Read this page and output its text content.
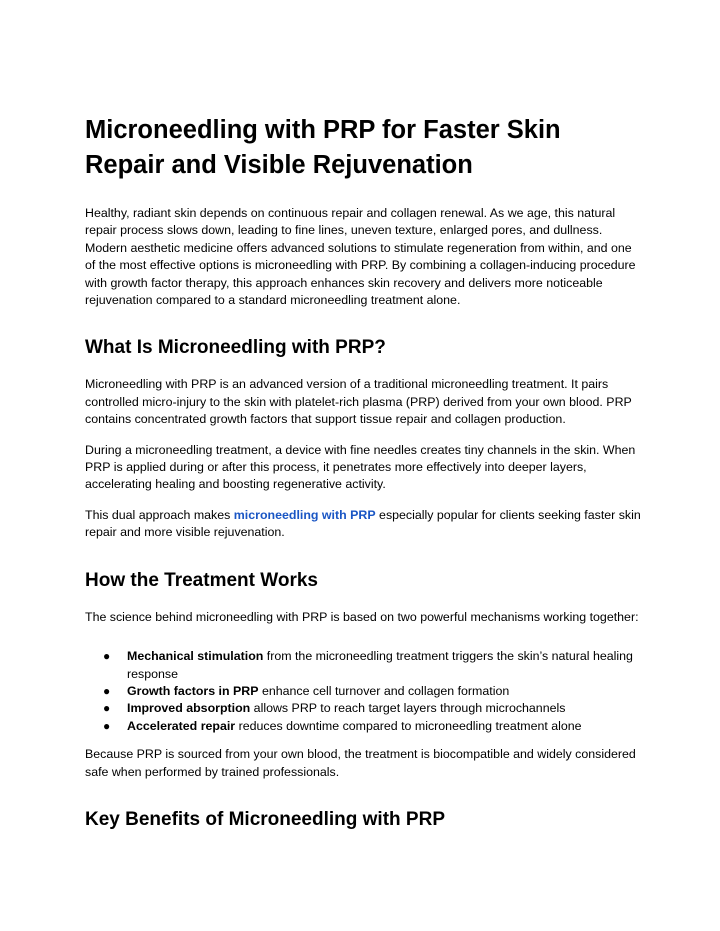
Microneedling with PRP for Faster Skin Repair and Visible Rejuvenation

Healthy, radiant skin depends on continuous repair and collagen renewal. As we age, this natural repair process slows down, leading to fine lines, uneven texture, enlarged pores, and dullness. Modern aesthetic medicine offers advanced solutions to stimulate regeneration from within, and one of the most effective options is microneedling with PRP. By combining a collagen-inducing procedure with growth factor therapy, this approach enhances skin recovery and delivers more noticeable rejuvenation compared to a standard microneedling treatment alone.

What Is Microneedling with PRP?

Microneedling with PRP is an advanced version of a traditional microneedling treatment. It pairs controlled micro-injury to the skin with platelet-rich plasma (PRP) derived from your own blood. PRP contains concentrated growth factors that support tissue repair and collagen production.

During a microneedling treatment, a device with fine needles creates tiny channels in the skin. When PRP is applied during or after this process, it penetrates more effectively into deeper layers, accelerating healing and boosting regenerative activity.

This dual approach makes microneedling with PRP especially popular for clients seeking faster skin repair and more visible rejuvenation.

How the Treatment Works

The science behind microneedling with PRP is based on two powerful mechanisms working together:

● Mechanical stimulation from the microneedling treatment triggers the skin’s natural healing response
● Growth factors in PRP enhance cell turnover and collagen formation
● Improved absorption allows PRP to reach target layers through microchannels
● Accelerated repair reduces downtime compared to microneedling treatment alone

Because PRP is sourced from your own blood, the treatment is biocompatible and widely considered safe when performed by trained professionals.

Key Benefits of Microneedling with PRP
